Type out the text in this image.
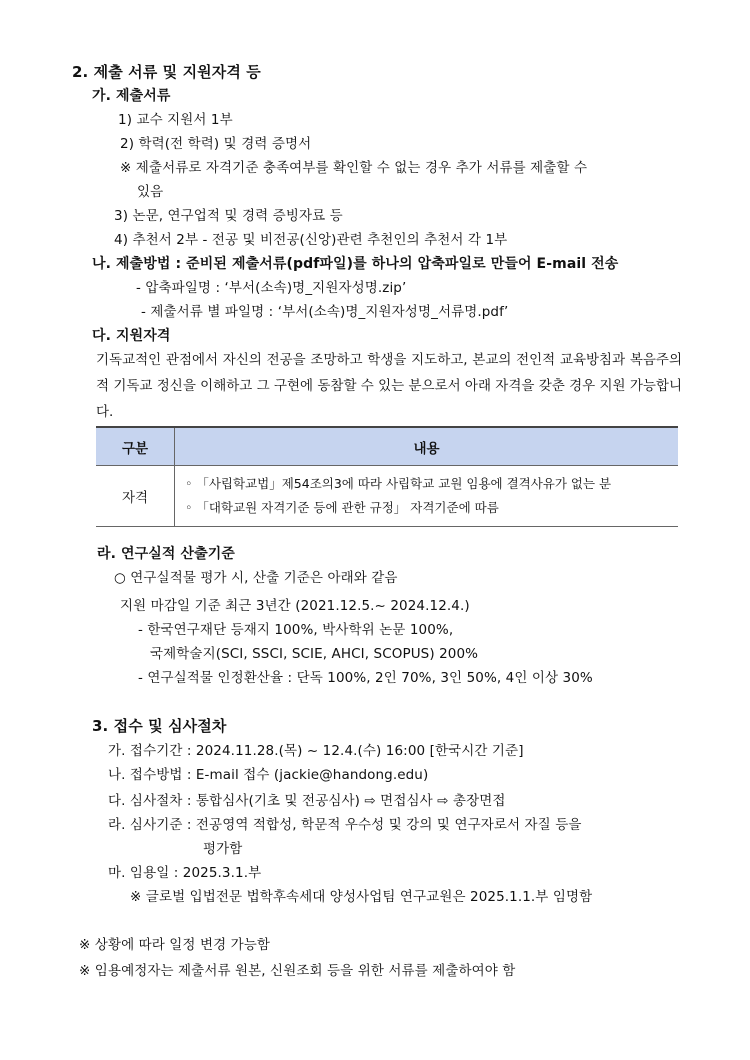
2. 제출 서류 및 지원자격 등
가. 제출서류
1) 교수 지원서 1부
2) 학력(전 학력) 및 경력 증명서
※ 제출서류로 자격기준 충족여부를 확인할 수 없는 경우 추가 서류를 제출할 수
있음
3) 논문, 연구업적 및 경력 증빙자료 등
4) 추천서 2부 - 전공 및 비전공(신앙)관련 추천인의 추천서 각 1부
나. 제출방법 : 준비된 제출서류(pdf파일)를 하나의 압축파일로 만들어 E-mail 전송
- 압축파일명 : ‘부서(소속)명_지원자성명.zip’
- 제출서류 별 파일명 : ‘부서(소속)명_지원자성명_서류명.pdf’
다. 지원자격
기독교적인 관점에서 자신의 전공을 조망하고 학생을 지도하고, 본교의 전인적 교육방침과 복음주의적 기독교 정신을 이해하고 그 구현에 동참할 수 있는 분으로서 아래 자격을 갖춘 경우 지원 가능합니다.
구분	내용
자격	◦ 「사립학교법」제54조의3에 따라 사립학교 교원 임용에 결격사유가 없는 분
◦ 「대학교원 자격기준 등에 관한 규정」 자격기준에 따름
라. 연구실적 산출기준
○ 연구실적물 평가 시, 산출 기준은 아래와 같음
지원 마감일 기준 최근 3년간 (2021.12.5.~ 2024.12.4.)
- 한국연구재단 등재지 100%, 박사학위 논문 100%,
국제학술지(SCI, SSCI, SCIE, AHCI, SCOPUS) 200%
- 연구실적물 인정환산율 : 단독 100%, 2인 70%, 3인 50%, 4인 이상 30%
3. 접수 및 심사절차
가. 접수기간 : 2024.11.28.(목) ~ 12.4.(수) 16:00 [한국시간 기준]
나. 접수방법 : E-mail 접수 (jackie@handong.edu)
다. 심사절차 : 통합심사(기초 및 전공심사) ⇨ 면접심사 ⇨ 총장면접
라. 심사기준 : 전공영역 적합성, 학문적 우수성 및 강의 및 연구자로서 자질 등을
평가함
마. 임용일 : 2025.3.1.부
※ 글로벌 입법전문 법학후속세대 양성사업팀 연구교원은 2025.1.1.부 임명함
※ 상황에 따라 일정 변경 가능함
※ 임용예정자는 제출서류 원본, 신원조회 등을 위한 서류를 제출하여야 함
